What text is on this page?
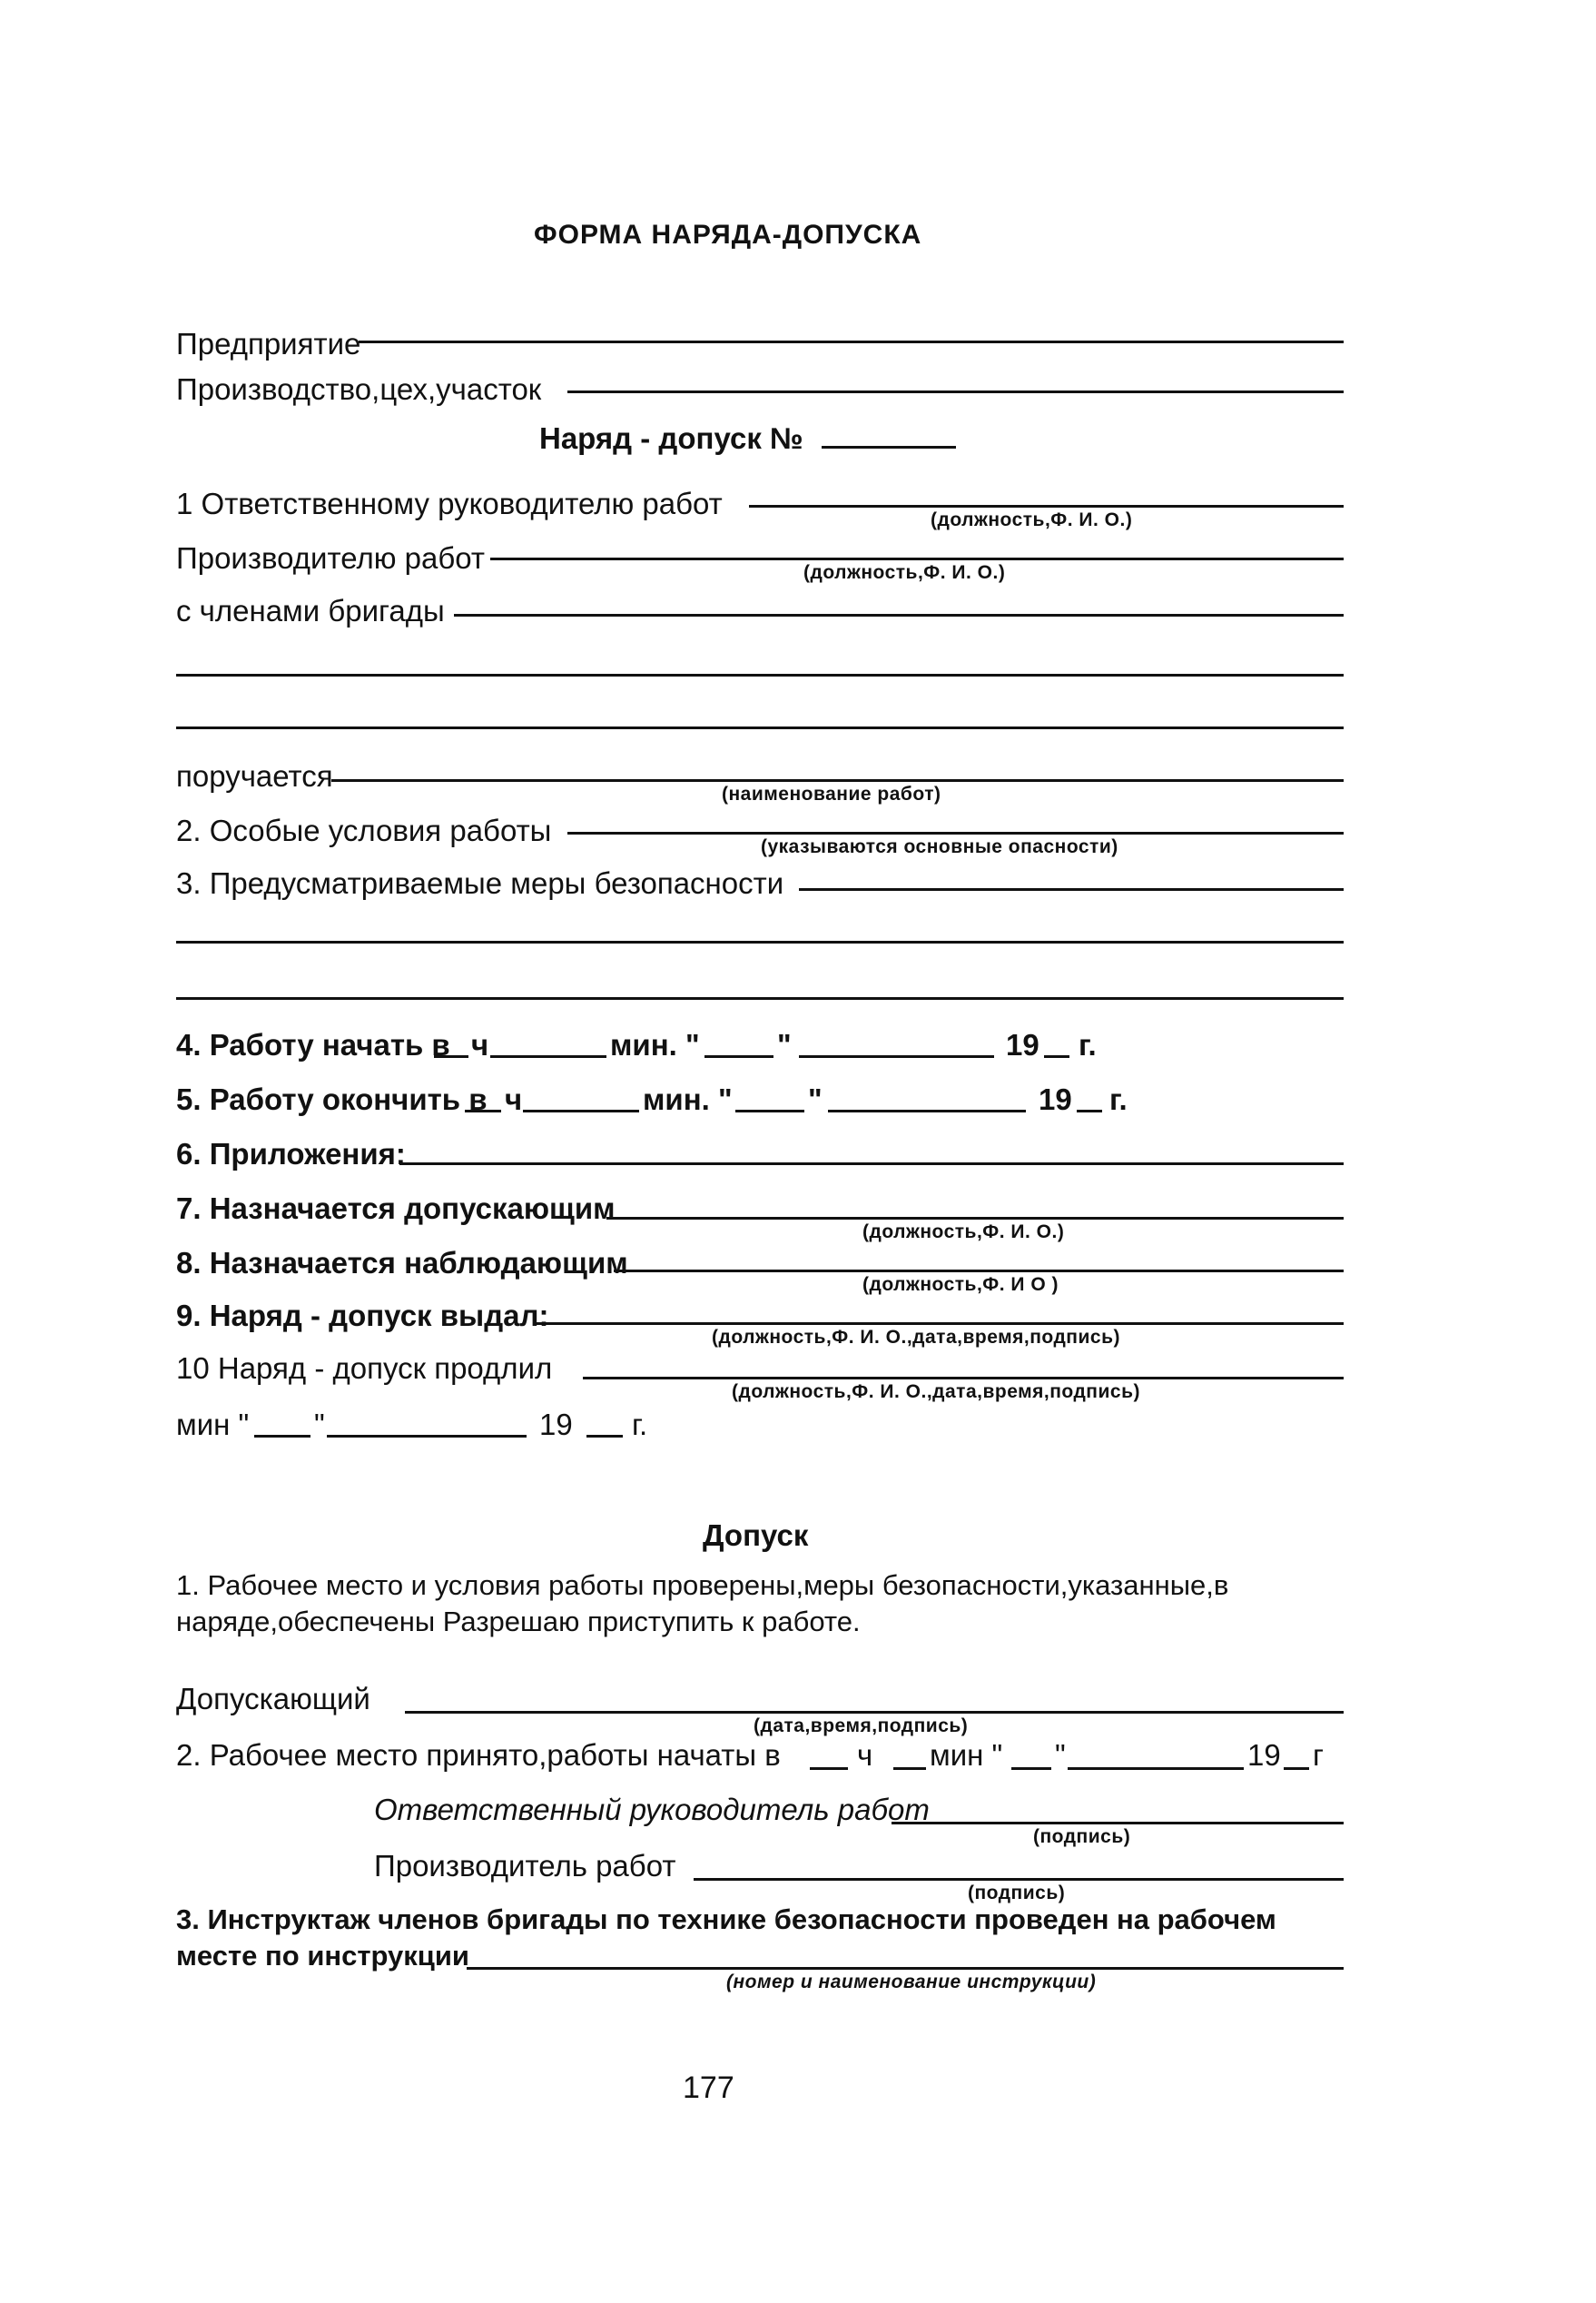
ФОРМА НАРЯДА-ДОПУСКА
Предприятие
Производство,цех,участок
Наряд - допуск №
1 Ответственному руководителю работ	(должность,Ф. И. О.)
Производителю работ	(должность,Ф. И. О.)
с членами бригады
поручается
(наименование работ)
2. Особые условия работы	(указываются основные опасности)
3. Предусматриваемые меры безопасности
4. Работу начать в ч	мин. "	"	19 г.
5. Работу окончить в ч	мин. "	"	19 г.
6. Приложения:
7. Назначается допускающим
(должность,Ф. И. О.)
8. Назначается наблюдающим
(должность,Ф. И О )
9. Наряд - допуск выдал:
(должность,Ф. И. О.,дата,время,подпись)
10 Наряд - допуск продлил
(должность,Ф. И. О.,дата,время,подпись)
мин " "	19 г.
Допуск
1. Рабочее место и условия работы проверены,меры безопасности,указанные,в
наряде,обеспечены Разрешаю приступить к работе.
Допускающий
(дата,время,подпись)
2. Рабочее место принято,работы начаты в	ч мин " "	19 г
Ответственный руководитель работ
(подпись)
Производитель работ
(подпись)
3. Инструктаж членов бригады по технике безопасности проведен на рабочем
месте по инструкции
(номер и наименование инструкции)
177
